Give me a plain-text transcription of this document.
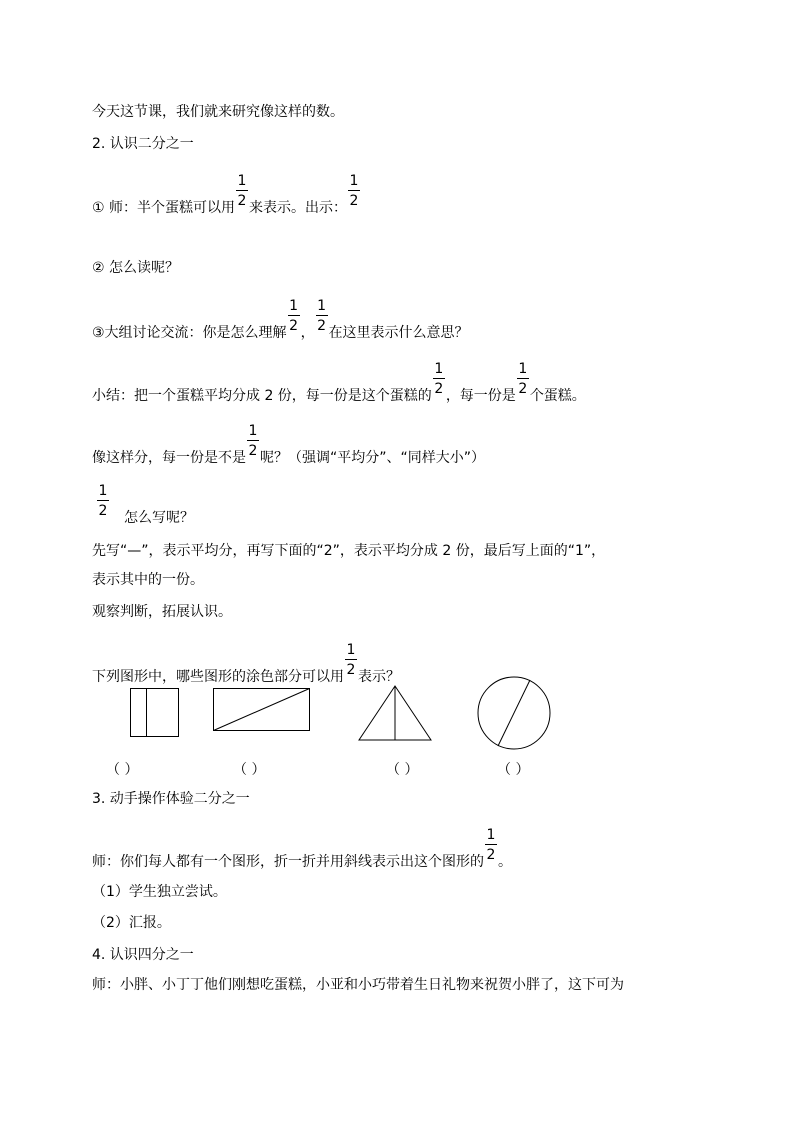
今天这节课，我们就来研究像这样的数。
2. 认识二分之一
① 师：半个蛋糕可以用 $\frac{1}{2}$ 来表示。出示： $\frac{1}{2}$
② 怎么读呢？
③大组讨论交流：你是怎么理解 $\frac{1}{2}$ ， $\frac{1}{2}$ 在这里表示什么意思？
小结：把一个蛋糕平均分成 2 份，每一份是这个蛋糕的 $\frac{1}{2}$ ，每一份是 $\frac{1}{2}$ 个蛋糕。
像这样分，每一份是不是 $\frac{1}{2}$ 呢？（强调“平均分”、“同样大小”）
$\frac{1}{2}$ 怎么写呢？
先写“—”，表示平均分，再写下面的“2”，表示平均分成 2 份，最后写上面的“1”，
表示其中的一份。
观察判断，拓展认识。
下列图形中，哪些图形的涂色部分可以用 $\frac{1}{2}$ 表示？
（ ）	（ ）	（ ）	（ ）
3. 动手操作体验二分之一
师：你们每人都有一个图形，折一折并用斜线表示出这个图形的 $\frac{1}{2}$ 。
（1）学生独立尝试。
（2）汇报。
4. 认识四分之一
师：小胖、小丁丁他们刚想吃蛋糕，小亚和小巧带着生日礼物来祝贺小胖了，这下可为
